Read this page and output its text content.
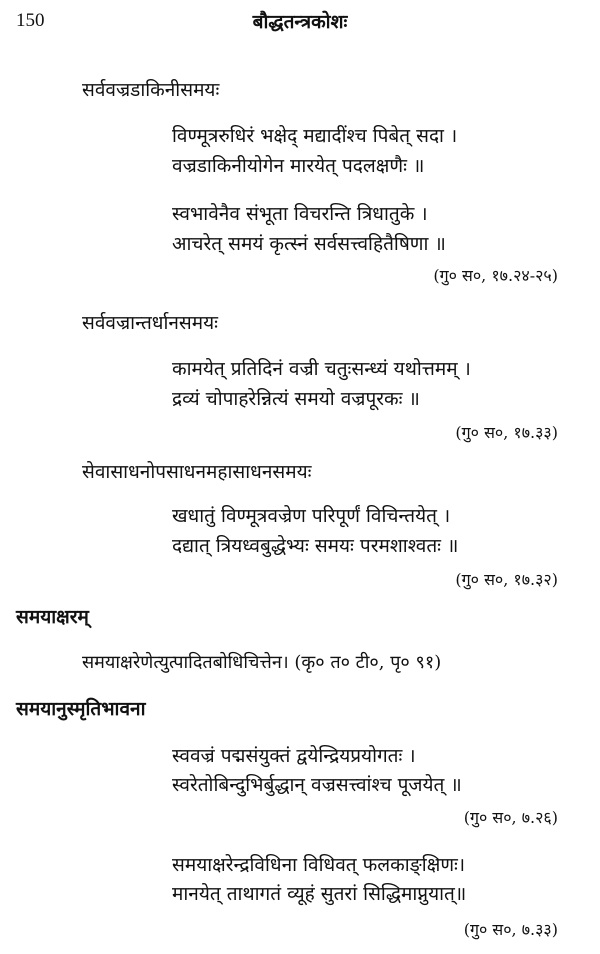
150	बौद्धतन्त्रकोशः
सर्ववज्रडाकिनीसमयः
विण्मूत्ररुधिरं भक्षेद् मद्यादींश्च पिबेत् सदा ।
वज्रडाकिनीयोगेन मारयेत् पदलक्षणैः ॥
स्वभावेनैव संभूता विचरन्ति त्रिधातुके ।
आचरेत् समयं कृत्स्नं सर्वसत्त्वहितैषिणा ॥
(गु० स०, १७.२४-२५)
सर्ववज्रान्तर्धानसमयः
कामयेत् प्रतिदिनं वज्री चतुःसन्ध्यं यथोत्तमम् ।
द्रव्यं चोपाहरेन्नित्यं समयो वज्रपूरकः ॥
(गु० स०, १७.३३)
सेवासाधनोपसाधनमहासाधनसमयः
खधातुं विण्मूत्रवज्रेण परिपूर्णं विचिन्तयेत् ।
दद्यात् त्रियध्वबुद्धेभ्यः समयः परमशाश्वतः ॥
(गु० स०, १७.३२)
समयाक्षरम्
समयाक्षरेणेत्युत्पादितबोधिचित्तेन। (कृ० त० टी०, पृ० ९१)
समयानुस्मृतिभावना
स्ववज्रं पद्मसंयुक्तं द्वयेन्द्रियप्रयोगतः ।
स्वरेतोबिन्दुभिर्बुद्धान् वज्रसत्त्वांश्च पूजयेत् ॥
(गु० स०, ७.२६)
समयाक्षरेन्द्रविधिना विधिवत् फलकाङ्क्षिणः।
मानयेत् ताथागतं व्यूहं सुतरां सिद्धिमाप्नुयात्॥
(गु० स०, ७.३३)
